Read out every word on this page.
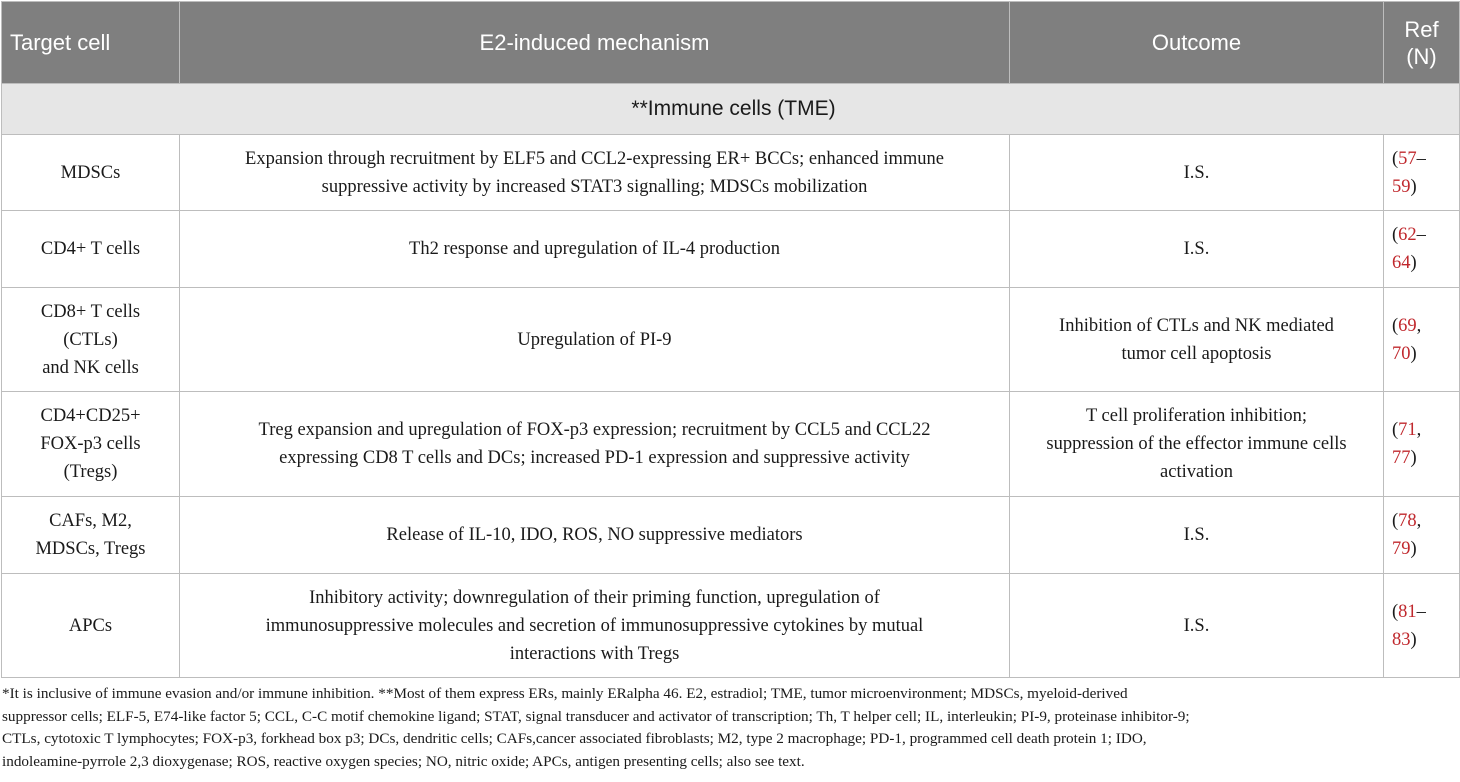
Target cell	E2-induced mechanism	Outcome	Ref
(N)
**Immune cells (TME)			
MDSCs	Expansion through recruitment by ELF5 and CCL2-expressing ER+ BCCs; enhanced immune
suppressive activity by increased STAT3 signalling; MDSCs mobilization	I.S.	(57–
59)
CD4+ T cells	Th2 response and upregulation of IL-4 production	I.S.	(62–
64)
CD8+ T cells
(CTLs)
and NK cells	Upregulation of PI-9	Inhibition of CTLs and NK mediated
tumor cell apoptosis	(69,
70)
CD4+CD25+
FOX-p3 cells
(Tregs)	Treg expansion and upregulation of FOX-p3 expression; recruitment by CCL5 and CCL22
expressing CD8 T cells and DCs; increased PD-1 expression and suppressive activity	T cell proliferation inhibition;
suppression of the effector immune cells
activation	(71,
77)
CAFs, M2,
MDSCs, Tregs	Release of IL-10, IDO, ROS, NO suppressive mediators	I.S.	(78,
79)
APCs	Inhibitory activity; downregulation of their priming function, upregulation of
immunosuppressive molecules and secretion of immunosuppressive cytokines by mutual
interactions with Tregs	I.S.	(81–
83)

*It is inclusive of immune evasion and/or immune inhibition. **Most of them express ERs, mainly ERalpha 46. E2, estradiol; TME, tumor microenvironment; MDSCs, myeloid-derived
suppressor cells; ELF-5, E74-like factor 5; CCL, C-C motif chemokine ligand; STAT, signal transducer and activator of transcription; Th, T helper cell; IL, interleukin; PI-9, proteinase inhibitor-9;
CTLs, cytotoxic T lymphocytes; FOX-p3, forkhead box p3; DCs, dendritic cells; CAFs,cancer associated fibroblasts; M2, type 2 macrophage; PD-1, programmed cell death protein 1; IDO,
indoleamine-pyrrole 2,3 dioxygenase; ROS, reactive oxygen species; NO, nitric oxide; APCs, antigen presenting cells; also see text.
